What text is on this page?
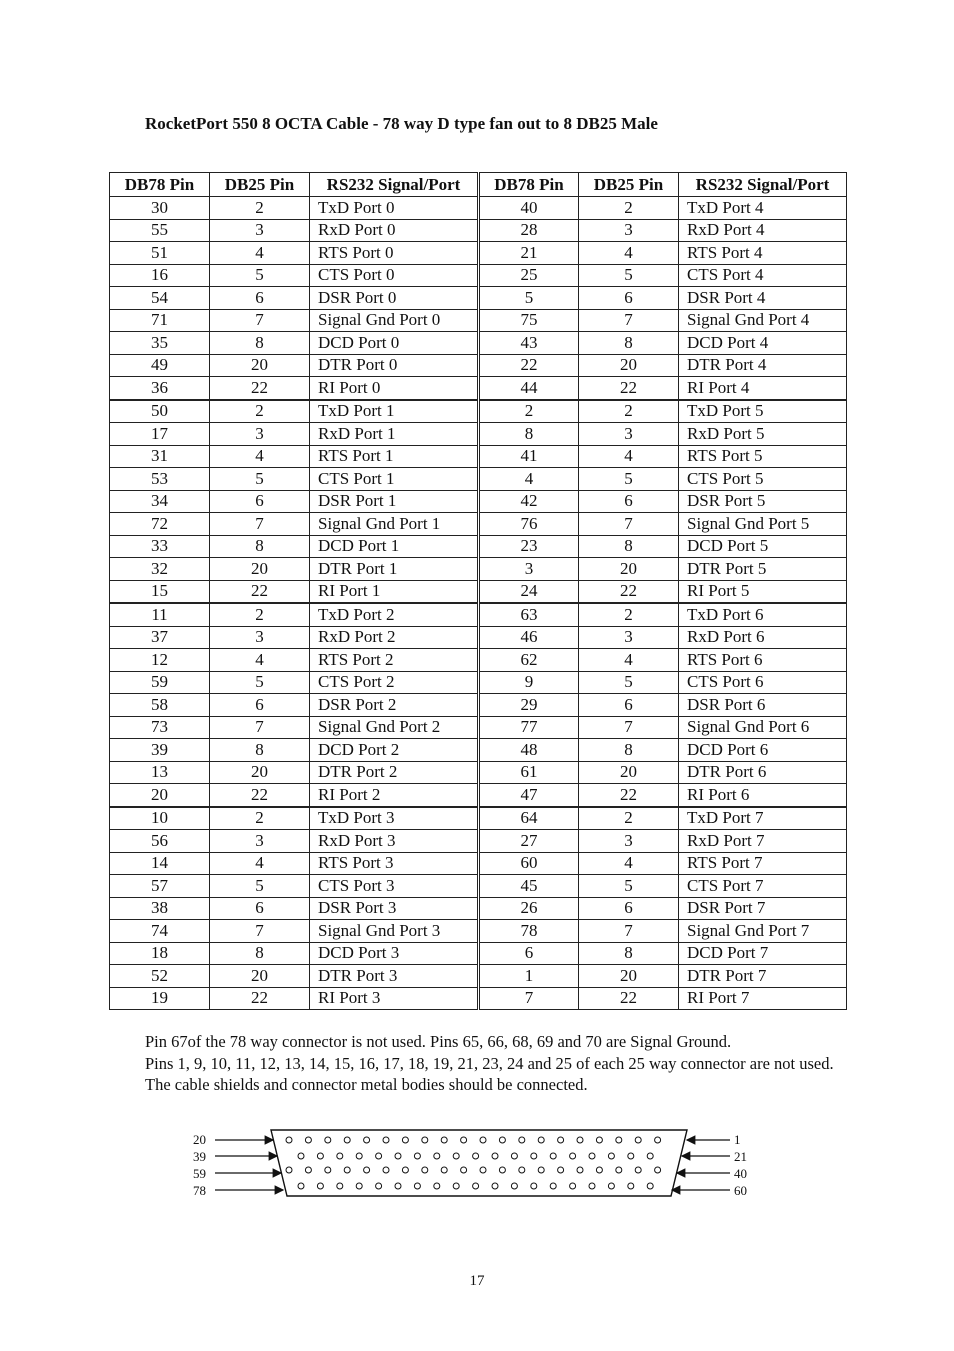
RocketPort 550 8 OCTA Cable - 78 way D type fan out to 8 DB25 Male
DB78 Pin	DB25 Pin	RS232 Signal/Port	DB78 Pin	DB25 Pin	RS232 Signal/Port
30	2	TxD Port 0	40	2	TxD Port 4
55	3	RxD Port 0	28	3	RxD Port 4
51	4	RTS Port 0	21	4	RTS Port 4
16	5	CTS Port 0	25	5	CTS Port 4
54	6	DSR Port 0	5	6	DSR Port 4
71	7	Signal Gnd Port 0	75	7	Signal Gnd Port 4
35	8	DCD Port 0	43	8	DCD Port 4
49	20	DTR Port 0	22	20	DTR Port 4
36	22	RI Port 0	44	22	RI Port 4
50	2	TxD Port 1	2	2	TxD Port 5
17	3	RxD Port 1	8	3	RxD Port 5
31	4	RTS Port 1	41	4	RTS Port 5
53	5	CTS Port 1	4	5	CTS Port 5
34	6	DSR Port 1	42	6	DSR Port 5
72	7	Signal Gnd Port 1	76	7	Signal Gnd Port 5
33	8	DCD Port 1	23	8	DCD Port 5
32	20	DTR Port 1	3	20	DTR Port 5
15	22	RI Port 1	24	22	RI Port 5
11	2	TxD Port 2	63	2	TxD Port 6
37	3	RxD Port 2	46	3	RxD Port 6
12	4	RTS Port 2	62	4	RTS Port 6
59	5	CTS Port 2	9	5	CTS Port 6
58	6	DSR Port 2	29	6	DSR Port 6
73	7	Signal Gnd Port 2	77	7	Signal Gnd Port 6
39	8	DCD Port 2	48	8	DCD Port 6
13	20	DTR Port 2	61	20	DTR Port 6
20	22	RI Port 2	47	22	RI Port 6
10	2	TxD Port 3	64	2	TxD Port 7
56	3	RxD Port 3	27	3	RxD Port 7
14	4	RTS Port 3	60	4	RTS Port 7
57	5	CTS Port 3	45	5	CTS Port 7
38	6	DSR Port 3	26	6	DSR Port 7
74	7	Signal Gnd Port 3	78	7	Signal Gnd Port 7
18	8	DCD Port 3	6	8	DCD Port 7
52	20	DTR Port 3	1	20	DTR Port 7
19	22	RI Port 3	7	22	RI Port 7

Pin 67of the 78 way connector is not used. Pins 65, 66, 68, 69 and 70 are Signal Ground.

Pins 1, 9, 10, 11, 12, 13, 14, 15, 16, 17, 18, 19, 21, 23, 24 and 25 of each 25 way connector are not used.

The cable shields and connector metal bodies should be connected.

20
39
59
78
1
21
40
60
17
